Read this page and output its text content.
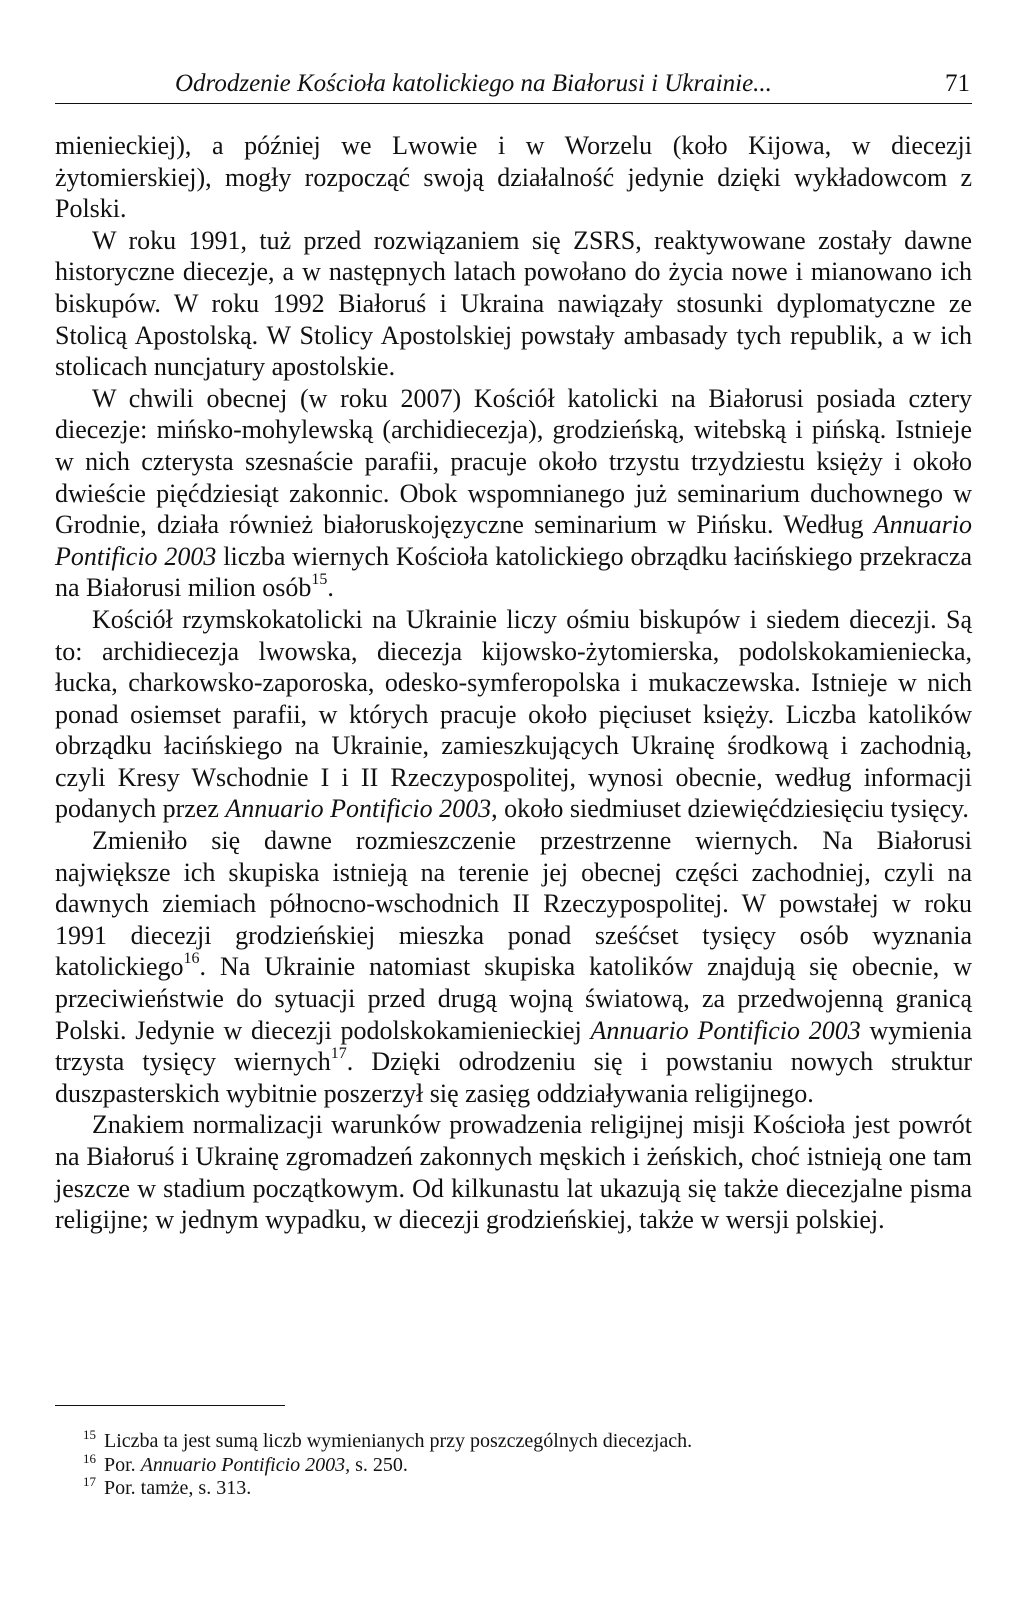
Odrodzenie Kościoła katolickiego na Białorusi i Ukrainie...	71

mienieckiej), a później we Lwowie i w Worzelu (koło Kijowa, w diecezji żytomierskiej), mogły rozpocząć swoją działalność jedynie dzięki wykładowcom z Polski.

W roku 1991, tuż przed rozwiązaniem się ZSRS, reaktywowane zostały dawne historyczne diecezje, a w następnych latach powołano do życia nowe i mianowano ich biskupów. W roku 1992 Białoruś i Ukraina nawiązały stosunki dyplomatyczne ze Stolicą Apostolską. W Stolicy Apostolskiej powstały ambasady tych republik, a w ich stolicach nuncjatury apostolskie.

W chwili obecnej (w roku 2007) Kościół katolicki na Białorusi posiada cztery diecezje: mińsko-mohylewską (archidiecezja), grodzieńską, witebską i pińską. Istnieje w nich czterysta szesnaście parafii, pracuje około trzystu trzydziestu księży i około dwieście pięćdziesiąt zakonnic. Obok wspomnianego już seminarium duchownego w Grodnie, działa również białoruskojęzyczne seminarium w Pińsku. Według Annuario Pontificio 2003 liczba wiernych Kościoła katolickiego obrządku łacińskiego przekracza na Białorusi milion osób$^{15}$.

Kościół rzymskokatolicki na Ukrainie liczy ośmiu biskupów i siedem diecezji. Są to: archidiecezja lwowska, diecezja kijowsko-żytomierska, podolskokamieniecka, łucka, charkowsko-zaporoska, odesko-symferopolska i mukaczewska. Istnieje w nich ponad osiemset parafii, w których pracuje około pięciuset księży. Liczba katolików obrządku łacińskiego na Ukrainie, zamieszkujących Ukrainę środkową i zachodnią, czyli Kresy Wschodnie I i II Rzeczypospolitej, wynosi obecnie, według informacji podanych przez Annuario Pontificio 2003, około siedmiuset dziewięćdziesięciu tysięcy.

Zmieniło się dawne rozmieszczenie przestrzenne wiernych. Na Białorusi największe ich skupiska istnieją na terenie jej obecnej części zachodniej, czyli na dawnych ziemiach północno-wschodnich II Rzeczypospolitej. W powstałej w roku 1991 diecezji grodzieńskiej mieszka ponad sześćset tysięcy osób wyznania katolickiego$^{16}$. Na Ukrainie natomiast skupiska katolików znajdują się obecnie, w przeciwieństwie do sytuacji przed drugą wojną światową, za przedwojenną granicą Polski. Jedynie w diecezji podolskokamienieckiej Annuario Pontificio 2003 wymienia trzysta tysięcy wiernych$^{17}$. Dzięki odrodzeniu się i powstaniu nowych struktur duszpasterskich wybitnie poszerzył się zasięg oddziaływania religijnego.

Znakiem normalizacji warunków prowadzenia religijnej misji Kościoła jest powrót na Białoruś i Ukrainę zgromadzeń zakonnych męskich i żeńskich, choć istnieją one tam jeszcze w stadium początkowym. Od kilkunastu lat ukazują się także diecezjalne pisma religijne; w jednym wypadku, w diecezji grodzieńskiej, także w wersji polskiej.

$^{15}$ Liczba ta jest sumą liczb wymienianych przy poszczególnych diecezjach.

$^{16}$ Por. Annuario Pontificio 2003, s. 250.

$^{17}$ Por. tamże, s. 313.
